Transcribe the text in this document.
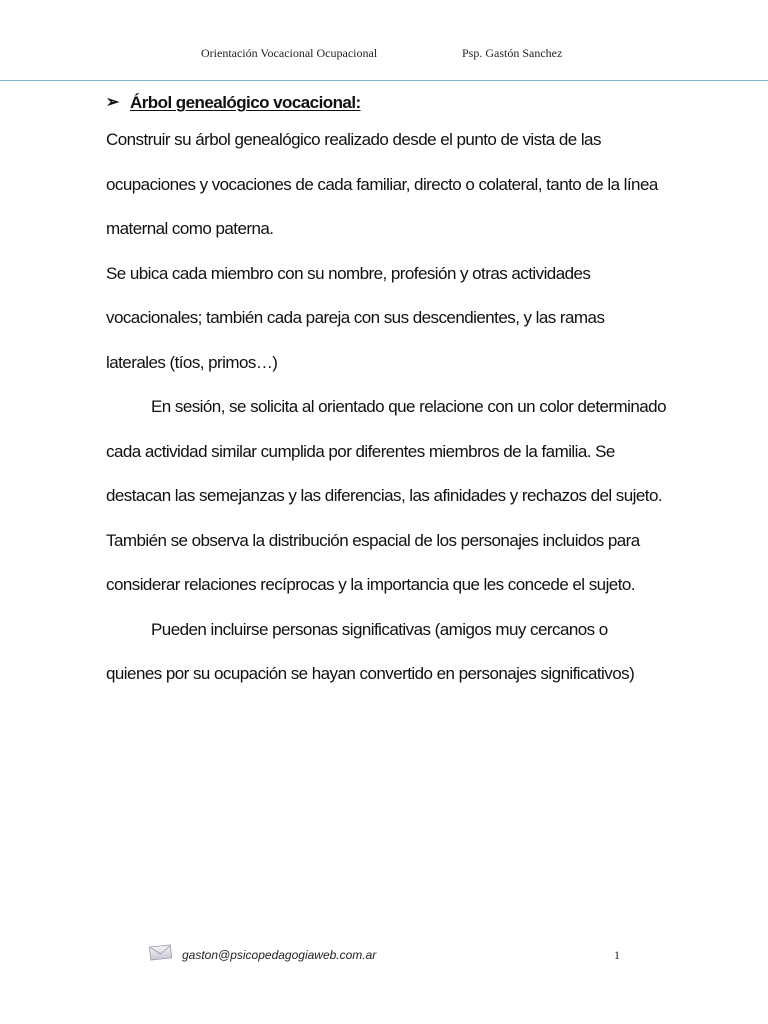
Orientación Vocacional Ocupacional	Psp. Gastón Sanchez
➢ Árbol genealógico vocacional:

Construir su árbol genealógico realizado desde el punto de vista de las ocupaciones y vocaciones de cada familiar, directo o colateral, tanto de la línea maternal como paterna.

Se ubica cada miembro con su nombre, profesión y otras actividades vocacionales; también cada pareja con sus descendientes, y las ramas laterales (tíos, primos…)

En sesión, se solicita al orientado que relacione con un color determinado cada actividad similar cumplida por diferentes miembros de la familia. Se destacan las semejanzas y las diferencias, las afinidades y rechazos del sujeto. También se observa la distribución espacial de los personajes incluidos para considerar relaciones recíprocas y la importancia que les concede el sujeto.

Pueden incluirse personas significativas (amigos muy cercanos o quienes por su ocupación se hayan convertido en personajes significativos)

gaston@psicopedagogiaweb.com.ar	1
